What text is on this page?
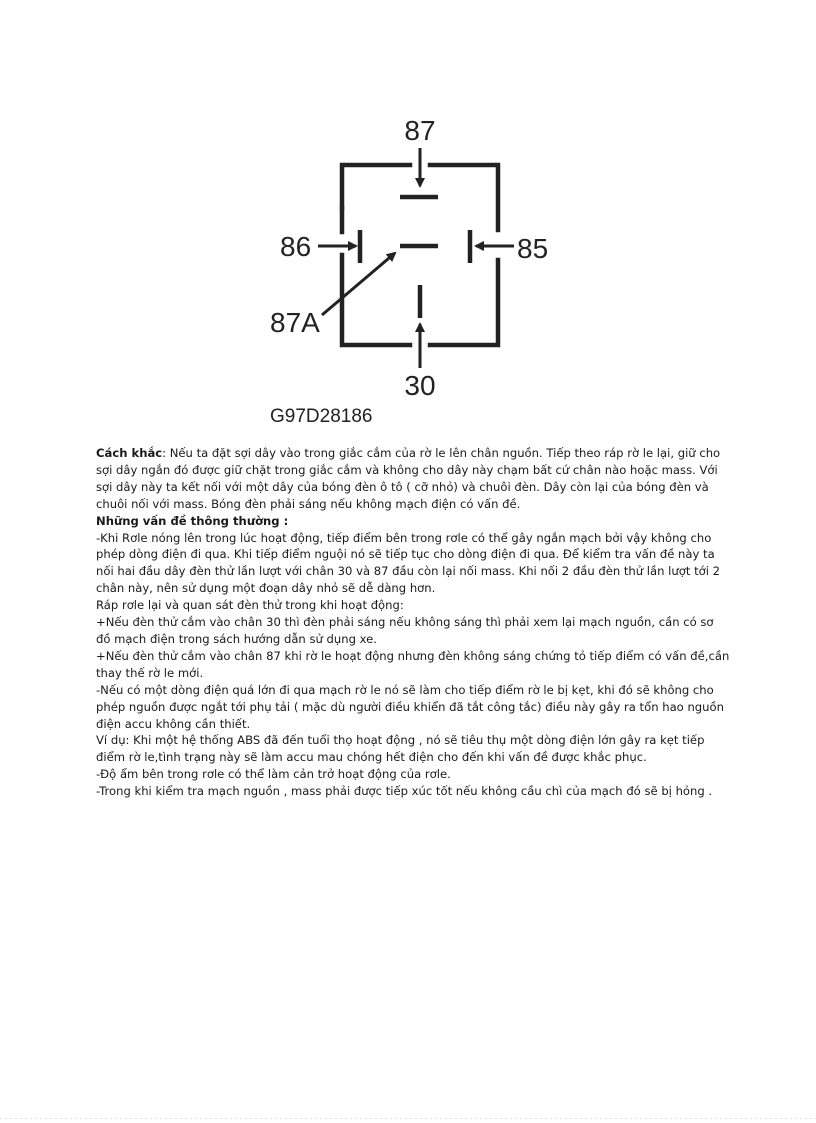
87
86	85
87A
30
G97D28186

Cách khắc: Nếu ta đặt sợi dây vào trong giắc cắm của rờ le lên chân nguồn. Tiếp theo ráp rờ le lại, giữ cho

sợi dây ngắn đó được giữ chặt trong giắc cắm và không cho dây này chạm bất cứ chân nào hoặc mass. Với

sợi dây này ta kết nối với một dây của bóng đèn ô tô ( cỡ nhỏ) và chuôi đèn. Dây còn lại của bóng đèn và

chuôi nối với mass. Bóng đèn phải sáng nếu không mạch điện có vấn đề.

Những vấn đề thông thường :

-Khi Rơle nóng lên trong lúc hoạt động, tiếp điểm bên trong rơle có thể gây ngắn mạch bởi vậy không cho

phép dòng điện đi qua. Khi tiếp điểm nguội nó sẽ tiếp tục cho dòng điện đi qua. Để kiểm tra vấn đề này ta

nối hai đầu dây đèn thử lần lượt với chân 30 và 87 đầu còn lại nối mass. Khi nối 2 đầu đèn thử lần lượt tới 2

chân này, nên sử dụng một đoạn dây nhỏ sẽ dễ dàng hơn.

Ráp rơle lại và quan sát đèn thử trong khi hoạt động:

+Nếu đèn thử cắm vào chân 30 thì đèn phải sáng nếu không sáng thì phải xem lại mạch nguồn, cần có sơ

đồ mạch điện trong sách hướng dẫn sử dụng xe.

+Nếu đèn thử cắm vào chân 87 khi rờ le hoạt động nhưng đèn không sáng chứng tỏ tiếp điểm có vấn đề,cần

thay thế rờ le mới.

-Nếu có một dòng điện quá lớn đi qua mạch rờ le nó sẽ làm cho tiếp điểm rờ le bị kẹt, khi đó sẽ không cho

phép nguồn được ngắt tới phụ tải ( mặc dù người điều khiển đã tắt công tắc) điều này gây ra tổn hao nguồn

điện accu không cần thiết.

Ví dụ: Khi một hệ thống ABS đã đến tuổi thọ hoạt động , nó sẽ tiêu thụ một dòng điện lớn gây ra kẹt tiếp

điểm rờ le,tình trạng này sẽ làm accu mau chóng hết điện cho đến khi vấn đề được khắc phục.

-Độ ẩm bên trong rơle có thể làm cản trở hoạt động của rơle.

-Trong khi kiểm tra mạch nguồn , mass phải được tiếp xúc tốt nếu không cầu chì của mạch đó sẽ bị hỏng .
